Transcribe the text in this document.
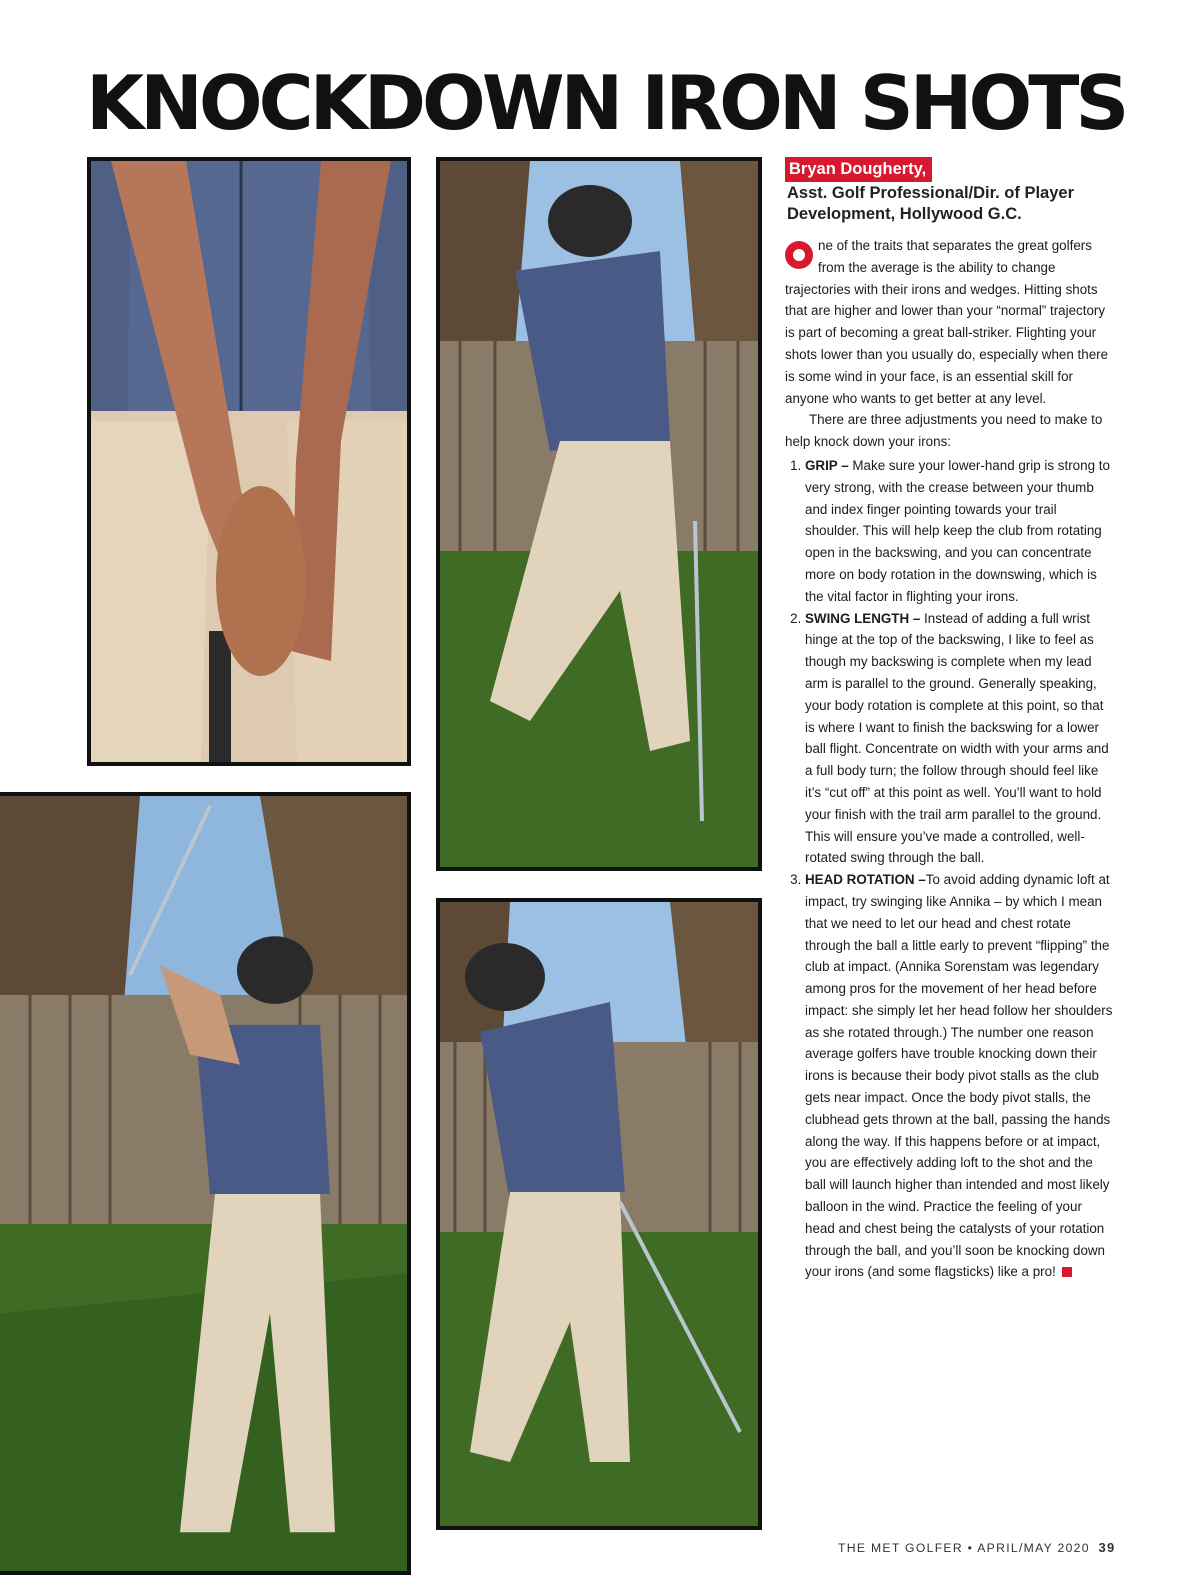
KNOCKDOWN IRON SHOTS
Bryan Dougherty,
Asst. Golf Professional/Dir. of Player Development, Hollywood G.C.

ne of the traits that separates the great golfers from the average is the ability to change trajectories with their irons and wedges. Hitting shots that are higher and lower than your “normal” trajectory is part of becoming a great ball-striker. Flighting your shots lower than you usually do, especially when there is some wind in your face, is an essential skill for anyone who wants to get better at any level.

There are three adjustments you need to make to help knock down your irons:

1. GRIP – Make sure your lower-hand grip is strong to very strong, with the crease between your thumb and index finger pointing towards your trail shoulder. This will help keep the club from rotating open in the backswing, and you can concentrate more on body rotation in the downswing, which is the vital factor in flighting your irons.
2. SWING LENGTH – Instead of adding a full wrist hinge at the top of the backswing, I like to feel as though my backswing is complete when my lead arm is parallel to the ground. Generally speaking, your body rotation is complete at this point, so that is where I want to finish the backswing for a lower ball flight. Concentrate on width with your arms and a full body turn; the follow through should feel like it’s “cut off” at this point as well. You’ll want to hold your finish with the trail arm parallel to the ground. This will ensure you’ve made a controlled, well-rotated swing through the ball.
3. HEAD ROTATION –To avoid adding dynamic loft at impact, try swinging like Annika – by which I mean that we need to let our head and chest rotate through the ball a little early to prevent “flipping” the club at impact. (Annika Sorenstam was legendary among pros for the movement of her head before impact: she simply let her head follow her shoulders as she rotated through.) The number one reason average golfers have trouble knocking down their irons is because their body pivot stalls as the club gets near impact. Once the body pivot stalls, the clubhead gets thrown at the ball, passing the hands along the way. If this happens before or at impact, you are effectively adding loft to the shot and the ball will launch higher than intended and most likely balloon in the wind. Practice the feeling of your head and chest being the catalysts of your rotation through the ball, and you’ll soon be knocking down your irons (and some flagsticks) like a pro!
THE MET GOLFER • APRIL/MAY 2020 39
